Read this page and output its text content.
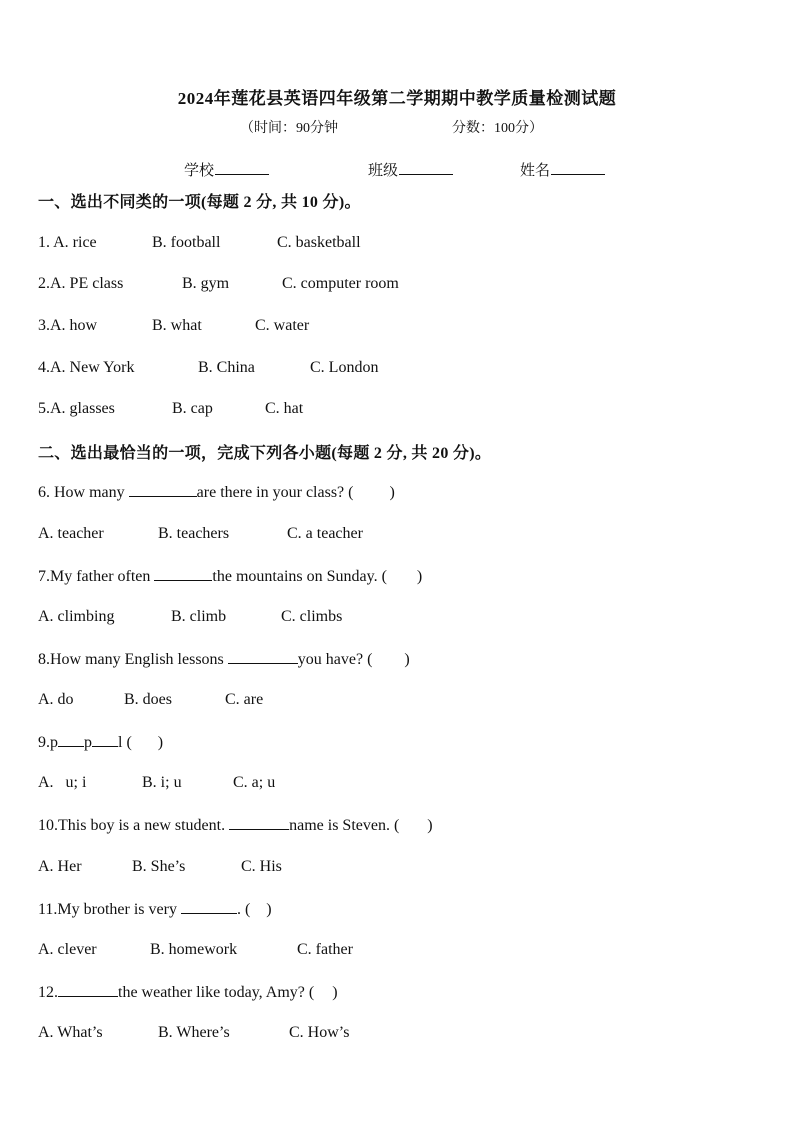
2024年莲花县英语四年级第二学期期中教学质量检测试题
（时间：90分钟	分数：100分）
学校	班级	姓名
一、选出不同类的一项(每题 2 分, 共 10 分)。
1. A. rice	B. football	C. basketball
2.A. PE class	B. gym	C. computer room
3.A. how	B. what	C. water
4.A. New York	B. China	C. London
5.A. glasses	B. cap	C. hat
二、选出最恰当的一项，完成下列各小题(每题 2 分, 共 20 分)。
6. How many	are there in your class? ( )
A. teacher	B. teachers	C. a teacher
7.My father often	the mountains on Sunday. ( )
A. climbing	B. climb	C. climbs
8.How many English lessons	you have? ( )
A. do	B. does	C. are
9.p p l ( )
A.   u; i	B. i; u	C. a; u
10.This boy is a new student.	name is Steven. ( )
A. Her	B. She’s	C. His
11.My brother is very	. ( )
A. clever	B. homework	C. father
12.	the weather like today, Amy? ( )
A. What’s	B. Where’s	C. How’s
